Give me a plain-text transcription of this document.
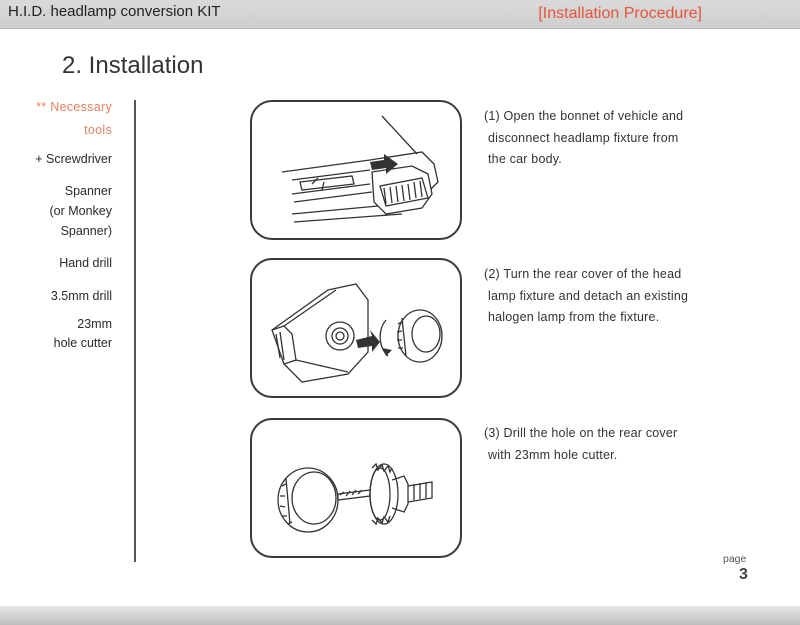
H.I.D. headlamp conversion KIT	[Installation Procedure]
2. Installation
** Necessary
tools
+ Screwdriver
Spanner
(or Monkey
Spanner)
Hand drill
3.5mm drill
23mm
hole cutter
(1) Open the bonnet of vehicle and
disconnect headlamp fixture from
the car body.
(2) Turn the rear cover of the head
lamp fixture and detach an existing
halogen lamp from the fixture.
(3) Drill the hole on the rear cover
with 23mm hole cutter.
page
3
